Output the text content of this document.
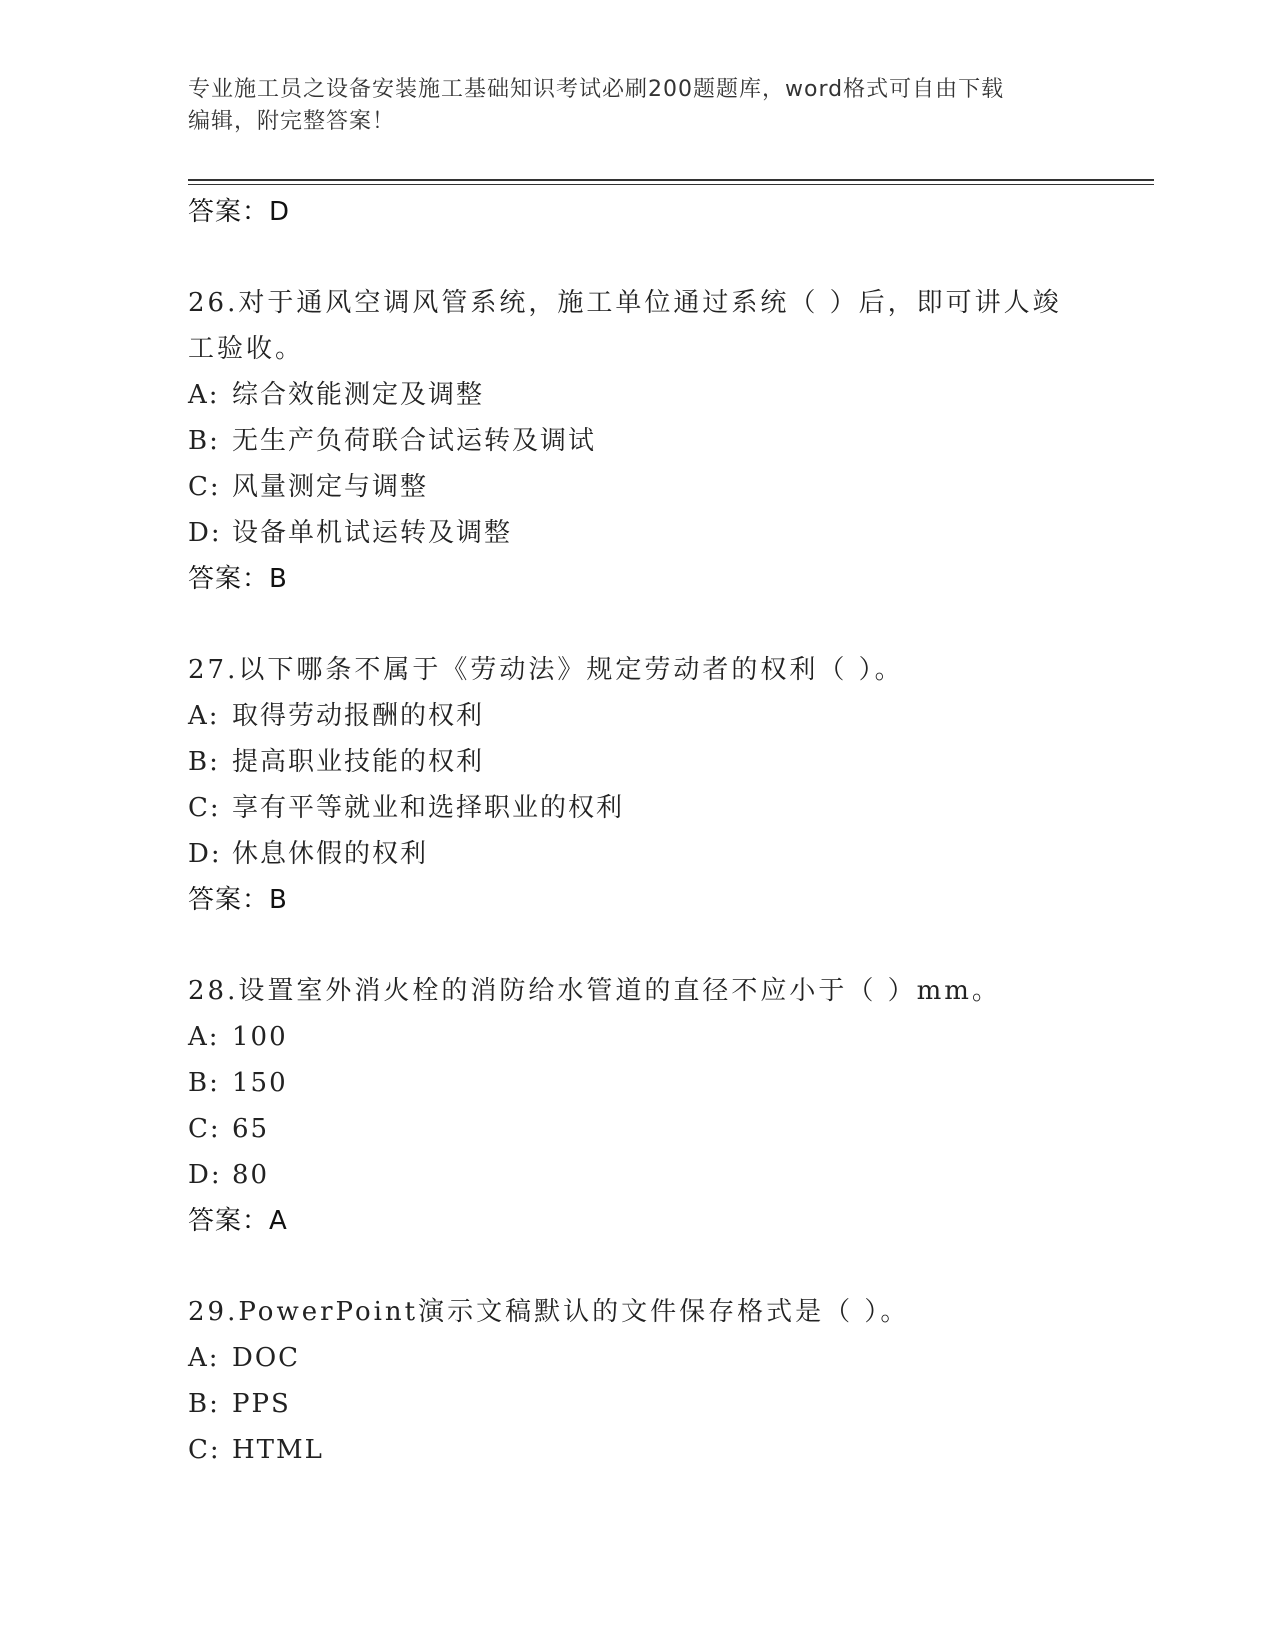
专业施工员之设备安装施工基础知识考试必刷200题题库，word格式可自由下载
编辑，附完整答案！
答案：D
26.对于通风空调风管系统，施工单位通过系统（ ）后，即可讲人竣工验收。
A: 综合效能测定及调整
B: 无生产负荷联合试运转及调试
C: 风量测定与调整
D: 设备单机试运转及调整
答案：B
27.以下哪条不属于《劳动法》规定劳动者的权利（ ）。
A: 取得劳动报酬的权利
B: 提高职业技能的权利
C: 享有平等就业和选择职业的权利
D: 休息休假的权利
答案：B
28.设置室外消火栓的消防给水管道的直径不应小于（ ）mm。
A: 100
B: 150
C: 65
D: 80
答案：A
29.PowerPoint演示文稿默认的文件保存格式是（ ）。
A: DOC
B: PPS
C: HTML
